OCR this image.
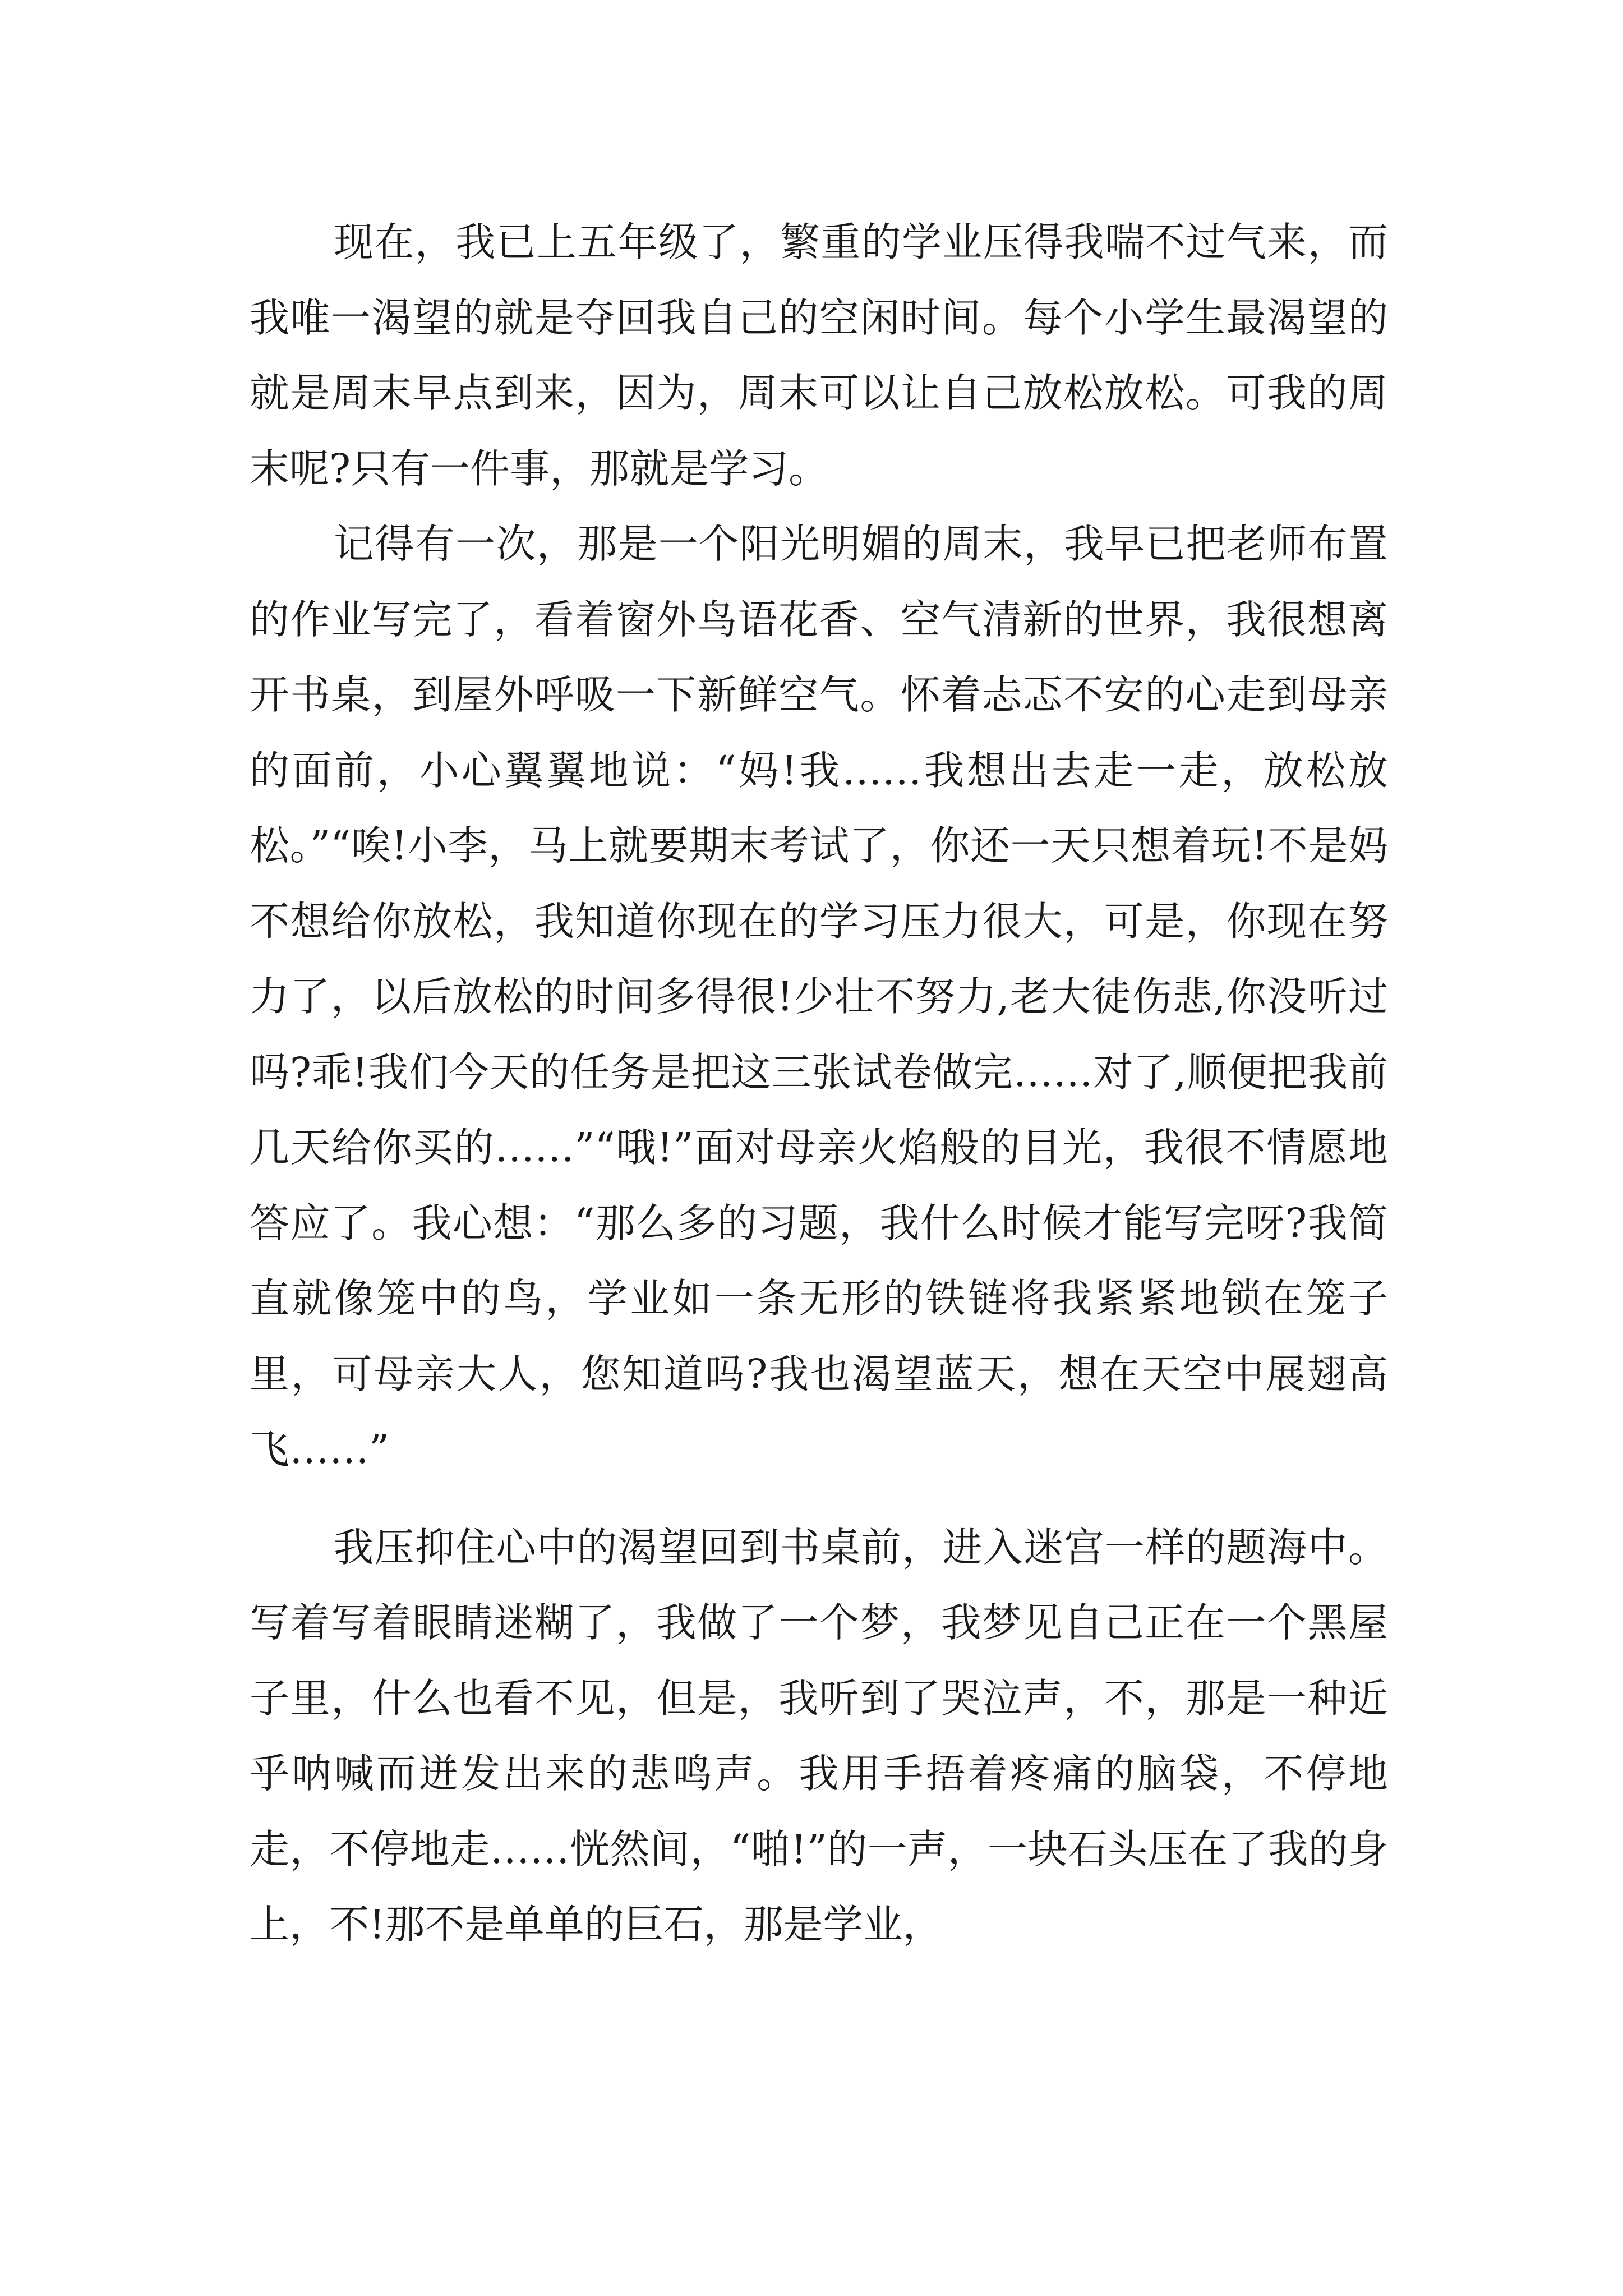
现在，我已上五年级了，繁重的学业压得我喘不过气来，而我唯一渴望的就是夺回我自己的空闲时间。每个小学生最渴望的就是周末早点到来，因为，周末可以让自己放松放松。可我的周末呢?只有一件事，那就是学习。

记得有一次，那是一个阳光明媚的周末，我早已把老师布置的作业写完了，看着窗外鸟语花香、空气清新的世界，我很想离开书桌，到屋外呼吸一下新鲜空气。怀着忐忑不安的心走到母亲的面前，小心翼翼地说：“妈!我……我想出去走一走，放松放松。”“唉!小李，马上就要期末考试了，你还一天只想着玩!不是妈不想给你放松，我知道你现在的学习压力很大，可是，你现在努力了，以后放松的时间多得很!少壮不努力,老大徒伤悲,你没听过吗?乖!我们今天的任务是把这三张试卷做完……对了,顺便把我前几天给你买的……”“哦!”面对母亲火焰般的目光，我很不情愿地答应了。我心想：“那么多的习题，我什么时候才能写完呀?我简直就像笼中的鸟，学业如一条无形的铁链将我紧紧地锁在笼子里，可母亲大人，您知道吗?我也渴望蓝天，想在天空中展翅高飞……”

我压抑住心中的渴望回到书桌前，进入迷宫一样的题海中。写着写着眼睛迷糊了，我做了一个梦，我梦见自己正在一个黑屋子里，什么也看不见，但是，我听到了哭泣声，不，那是一种近乎呐喊而迸发出来的悲鸣声。我用手捂着疼痛的脑袋，不停地走，不停地走……恍然间，“啪!”的一声，一块石头压在了我的身上，不!那不是单单的巨石，那是学业，
